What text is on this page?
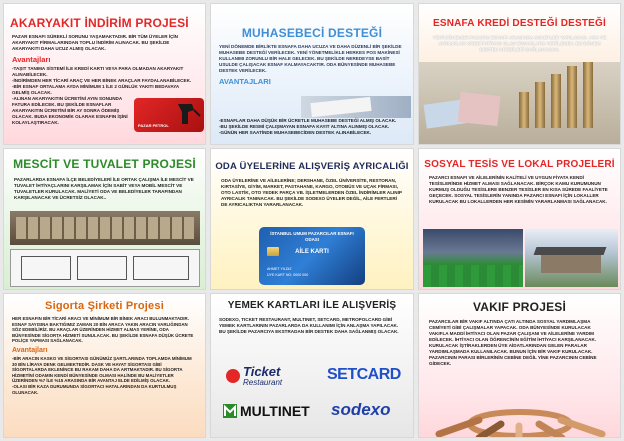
AKARYAKIT İNDİRİM PROJESİ
PAZAR ESNAFI SÜREKLİ SORUNU YAŞAMAKTADIR. BİR TÜM ÜYELER İÇİN AKARYAKIT FİRMALARINDAN TOPLU İNDİRİM ALINACAK. BU ŞEKİLDE AKARYAKITI DAHA UCUZ ALMIŞ OLACAK.
Avantajları
-TAŞIT TANIMA SİSTEMİ İLE KREDİ KARTI VEYA PARA OLMADAN AKARYAKIT ALINABİLECEK.
-İNDİRİMDEN HER TİCARİ ARAÇ VE HER BİNEK ARAÇLAR FAYDALANABİLECEK.
-BİR ESNAF ORTALAMA AYDA MİNİMUM 1 İLE 2 GÜNLÜK YAKITI BEDAVAYA GELMİŞ OLACAK.
-ALINAN AKARYAKITIN ÜCRETİNİ AYIN SONUNDA FATURA EDİLECEK. BU ŞEKİLDE ESNAFLAR AKARYAKITIN ÜCRETİNİ BİR AY SONRA ÖDEMİŞ OLACAK. BUDA EKONOMİK OLARAK ESNAFIN İŞİNİ KOLAYLAŞTIRACAK.
PAZAR PETROL
MUHASEBECİ DESTEĞİ
YENİ DÖNEMDE BİRLİKTE ESNAFA DAHA UCUZA VE DAHA DÜZENLİ BİR ŞEKİLDE MUHASEBE DESTEĞİ VERİLECEK. YENİ YÖNETMELİKLE HERKES POS MAKİNESİ KULLANIMI ZORUNLU BİR HALE GELECEK. BU ŞEKİLDE NEREDEYSE BASİT USULDE ÇALIŞACAK ESNAF KALMAYACAKTIR. ODA BÜNYESİNDE MUHASEBE DESTEK VERİLECEK.
AVANTAJLARI
-ESNAFLAR DAHA DÜŞÜK BİR ÜCRETLE MUHASEBE DESTEĞİ ALMIŞ OLACAK.
-BU ŞEKİLDE RESMİ ÇALIŞMAYAN ESNAFA KAYIT ALTINA ALINMIŞ OLACAK.
-GÜNÜN HER SAATİNDE MUHASEBECİDEN DESTEK ALINABİLECEK.
ESNAFA KREDİ DESTEĞİ DESTEĞİ
YENİ DÖNEMDE PAZARCI ESNAFI ARASINDA ANKETLER YAPILACAK. ARA VE AYRILIKLAR KREDİ İHTİYACI OLAN ESNAFLARA VERİLECEK. BU DÖNEM DESTEK KREDİLERİ SAĞLANACAK.
MESCİT VE TUVALET PROJESİ
PAZARLARDA ESNAFA İLÇE BELEDİYELERİ İLE ORTAK ÇALIŞMA İLE MESCİT VE TUVALET İHTİYAÇLARINI KARŞILAMAK İÇİN SABİT VEYA MOBİL MESCİT VE TUVALETLER KURULACAK. MALİYETİ ODA VE BELEDİYELER TARAFINDAN KARŞILANACAK VE ÜCRETSİZ OLACAK..
ODA ÜYELERİNE ALIŞVERİŞ AYRICALIĞI
ODA ÜYELERİNE VE AİLELERİNE; DERSHANE, ÖZEL ÜNİVERSİTE, RESTORAN, KIRTASİYE, GİYİM, MARKET, PASTAHANE, KARGO, OTOBÜS VE UÇAK FİRMASI, OTO LASTİK, OTO YEDEK PARÇA VB. İŞLETMELERDEN ÖZEL İNDİRİMLER ALINIP AYRICALIK TANINACAK. BU ŞEKİLDE SODEXO ÜYELER DEĞİL, AİLE FERTLERİ DE AYRICALIKTAN YARARLANACAK.
İSTANBUL UMUM PAZARCILAR ESNAFI ODASI
AİLE KARTI
AHMET YILDIZ
ÜYE KART NO: 0000 000
SOSYAL TESİS VE LOKAL PROJELERİ
PAZARCI ESNAFI VE AİLELERİNİN KALİTELİ VE UYGUN FİYATA KENDİ TESİSLERİNDE HİZMET ALMASI SAĞLANACAK. BİRÇOK KAMU KURUMUNUN KURMUŞ OLDUĞU TESİSLERE BENZER TESİSLER EN KISA SÜREDE FAALİYETE GEÇECEK. SOSYAL TESİSLERİN YANINDA PAZARCI ESNAFI İÇİN LOKALLER KURULACAK BU LOKALLERDEN HER KESİMİN YARARLANMASI SAĞLANACAK.
Sigorta Şirketi Projesi
HER ESNAFIN BİR TİCARİ ARACI VE MİNİMUM BİR BİNEK ARACI BULUNMAKTADIR. ESNAF SAYISINA BAKTIĞIMIZ ZAMAN 20 BİN ARACA YAKIN ARACIN VARLIĞINDAN SÖZ EDEBİLİRİZ. BU ARAÇLAR ÜZERİNDEN HİZMET ALMAS YERİNE, ODA BÜNYESİNDE SİGORTA HİZMETİ SUNULACAK. BU ŞEKİLDE ESNAFA DÜŞÜK ÜCRETE POLİÇE YAPMASI SAĞLANACAK.
Avantajları
-BİR ARACIN KASKO VE SİGORTASI GÜNÜMÜZ ŞARTLARINDA TOPLAMDA MİNİMUM 30 BİN LİRAYA DENK GELMEKTEDİR. DASK VE HAYAT SİGORTASI GİBİ SİGORTALARDA EKLENİNCE BU RAKAM DAHA DA ARTMAKTADIR. BU SİGORTA HİZMETİNİ ODAMIN KENDİ BÜNYESİNDE OLMASI HALİNDE BU MALİYETLER ÜZERİNDEN %7 İLE %15 ARASINDA BİR AVANTAJ ELDE EDİLMİŞ OLACAK.
-OLASI BİR KAZA DURUMUNDA SİGORTACI HATALARINDAN DA KURTULMUŞ OLUNACAK.
YEMEK KARTLARI İLE ALIŞVERİŞ
SODEXO, TICKET RESTAURANT, MULTINET, SETCARD, METROPOLCARD GİBİ YEMEK KARTLARININ PAZARLARDA DA KULLANIMI İÇİN ANLAŞMA YAPILACAK. BU ŞEKİLDE PAZARCIYA EKSTRADAN BİR DESTEK DAHA SAĞLANMIŞ OLACAK.
Ticket
Restaurant	SETCARD
MULTINET sodexo
VAKIF PROJESİ
PAZARCILAR BİR VAKIF ALTINDA ÇATI ALTINDA SOSYAL YARDIMLAŞMA CEMİYETİ GİBİ ÇALIŞMALAR YAPACAK. ODA BÜNYESİNDE KURULACAK VAKIFLA MADDİ İHTİYACI OLAN PAZAR ÇALIŞANI VE AİLELERİNE YARDIM EDİLECEK. İHTİYACI OLAN ÖĞRENCİNİN EĞİTİM İHTİYACI KARŞILANACAK. KURULACAK İŞTİRAKLERDEN ÜYE AİDATLARINDAN GELEN PARALAR YARDIMLAŞMADA KULLANILACAK. BUNUN İÇİN BİR VAKIF KURULACAK. PAZARCININ PARASI BİRLERİNİN CEBİNE DEĞİL YİNE PAZARCININ CEBİNE GİDECEK.
